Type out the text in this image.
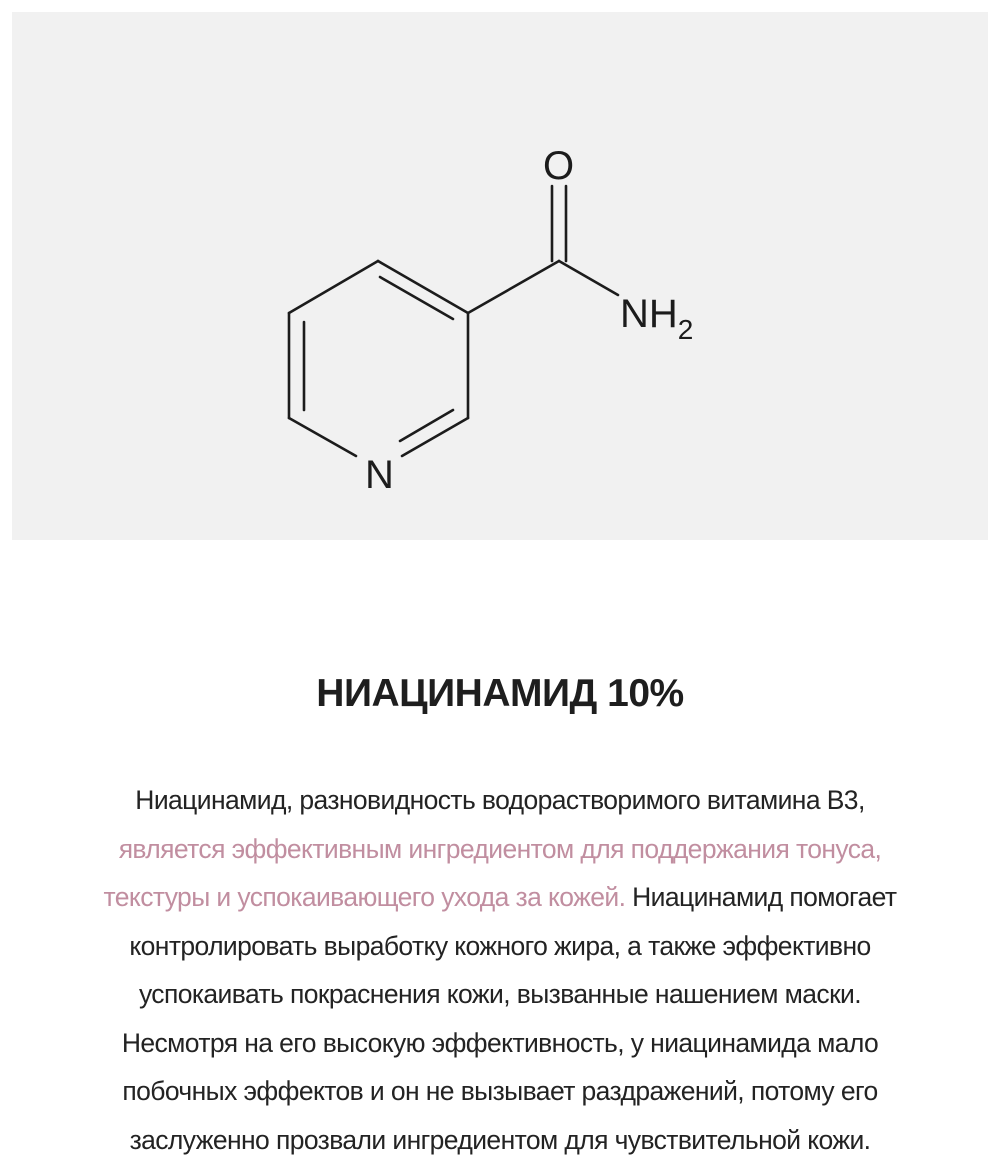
O
$NH_2$
N
НИАЦИНАМИД 10%
Ниацинамид, разновидность водорастворимого витамина B3,
является эффективным ингредиентом для поддержания тонуса,
текстуры и успокаивающего ухода за кожей. Ниацинамид помогает
контролировать выработку кожного жира, а также эффективно
успокаивать покраснения кожи, вызванные нашением маски.
Несмотря на его высокую эффективность, у ниацинамида мало
побочных эффектов и он не вызывает раздражений, потому его
заслуженно прозвали ингредиентом для чувствительной кожи.
